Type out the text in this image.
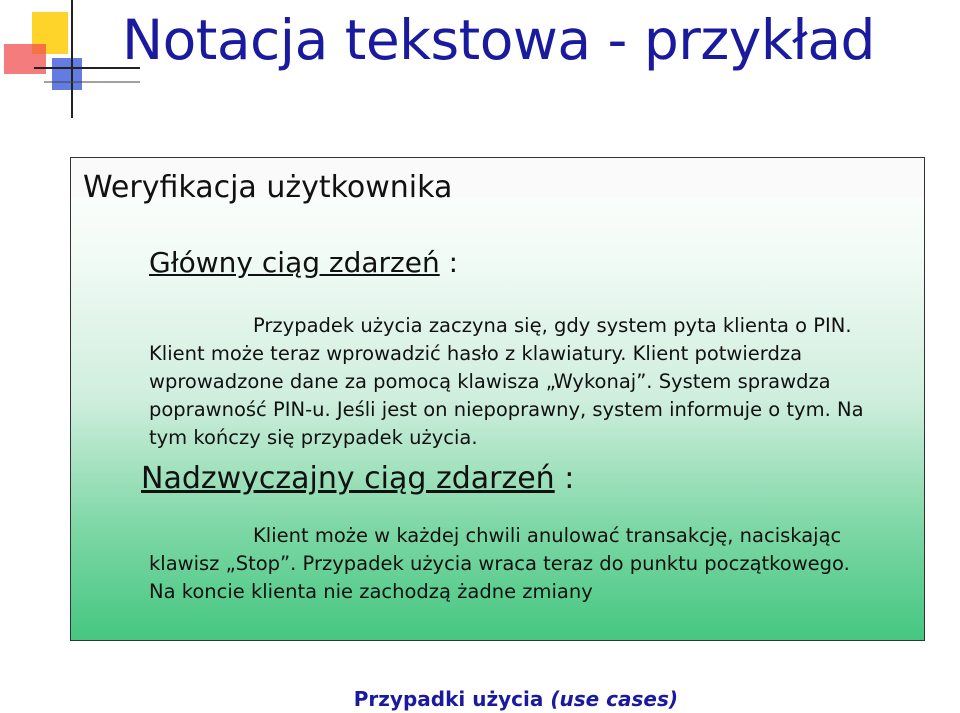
Notacja tekstowa - przykład
Weryfikacja użytkownika
Główny ciąg zdarzeń :
Przypadek użycia zaczyna się, gdy system pyta klienta o PIN. Klient może teraz wprowadzić hasło z klawiatury. Klient potwierdza wprowadzone dane za pomocą klawisza „Wykonaj”. System sprawdza poprawność PIN-u. Jeśli jest on niepoprawny, system informuje o tym. Na tym kończy się przypadek użycia.
Nadzwyczajny ciąg zdarzeń :
Klient może w każdej chwili anulować transakcję, naciskając klawisz „Stop”. Przypadek użycia wraca teraz do punktu początkowego. Na koncie klienta nie zachodzą żadne zmiany
Przypadki użycia (use cases)
